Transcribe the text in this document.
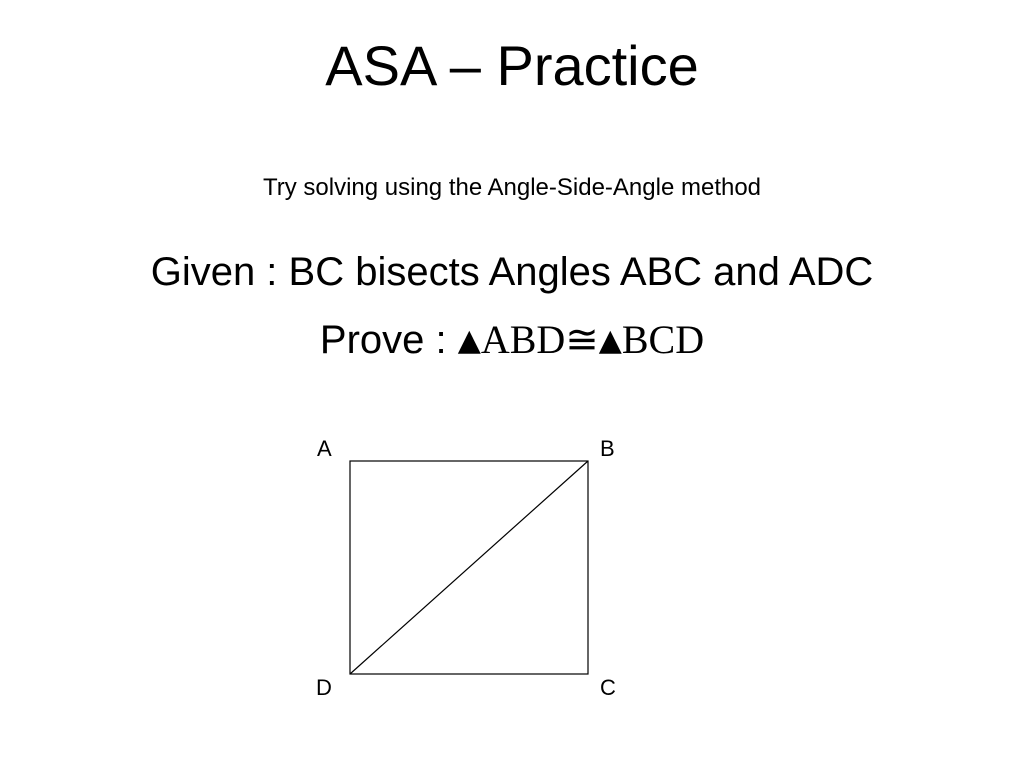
ASA – Practice
Try solving using the Angle-Side-Angle method
Given : BC bisects Angles ABC and ADC
Prove : ▲ABD≅▲BCD
A	B
C
D
